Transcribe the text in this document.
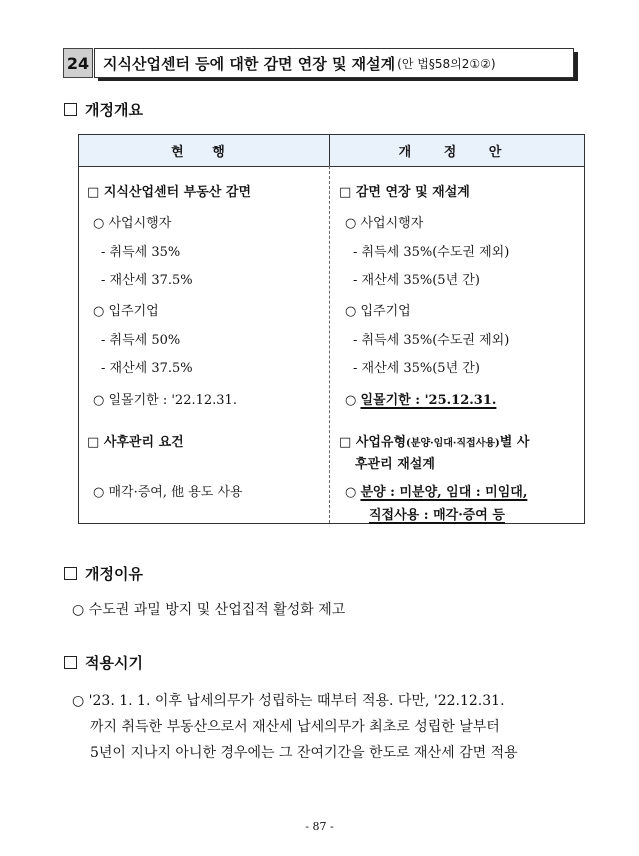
24 지식산업센터 등에 대한 감면 연장 및 재설계 (안 법§58의2①②)
개정개요
현 행	개 정 안
□ 지식산업센터 부동산 감면
○ 사업시행자
- 취득세 35%
- 재산세 37.5%
○ 입주기업
- 취득세 50%
- 재산세 37.5%
○ 일몰기한 : '22.12.31.
□ 사후관리 요건
○ 매각·증여, 他 용도 사용
□ 감면 연장 및 재설계
○ 사업시행자
- 취득세 35%(수도권 제외)
- 재산세 35%(5년 간)
○ 입주기업
- 취득세 35%(수도권 제외)
- 재산세 35%(5년 간)
○ 일몰기한 : '25.12.31.
□ 사업유형(분양·임대·직접사용)별 사
후관리 재설계
○ 분양 : 미분양, 임대 : 미임대,
직접사용 : 매각·증여 등
개정이유
○ 수도권 과밀 방지 및 산업집적 활성화 제고
적용시기
○ '23. 1. 1. 이후 납세의무가 성립하는 때부터 적용. 다만, '22.12.31.
까지 취득한 부동산으로서 재산세 납세의무가 최초로 성립한 날부터
5년이 지나지 아니한 경우에는 그 잔여기간을 한도로 재산세 감면 적용
- 87 -
